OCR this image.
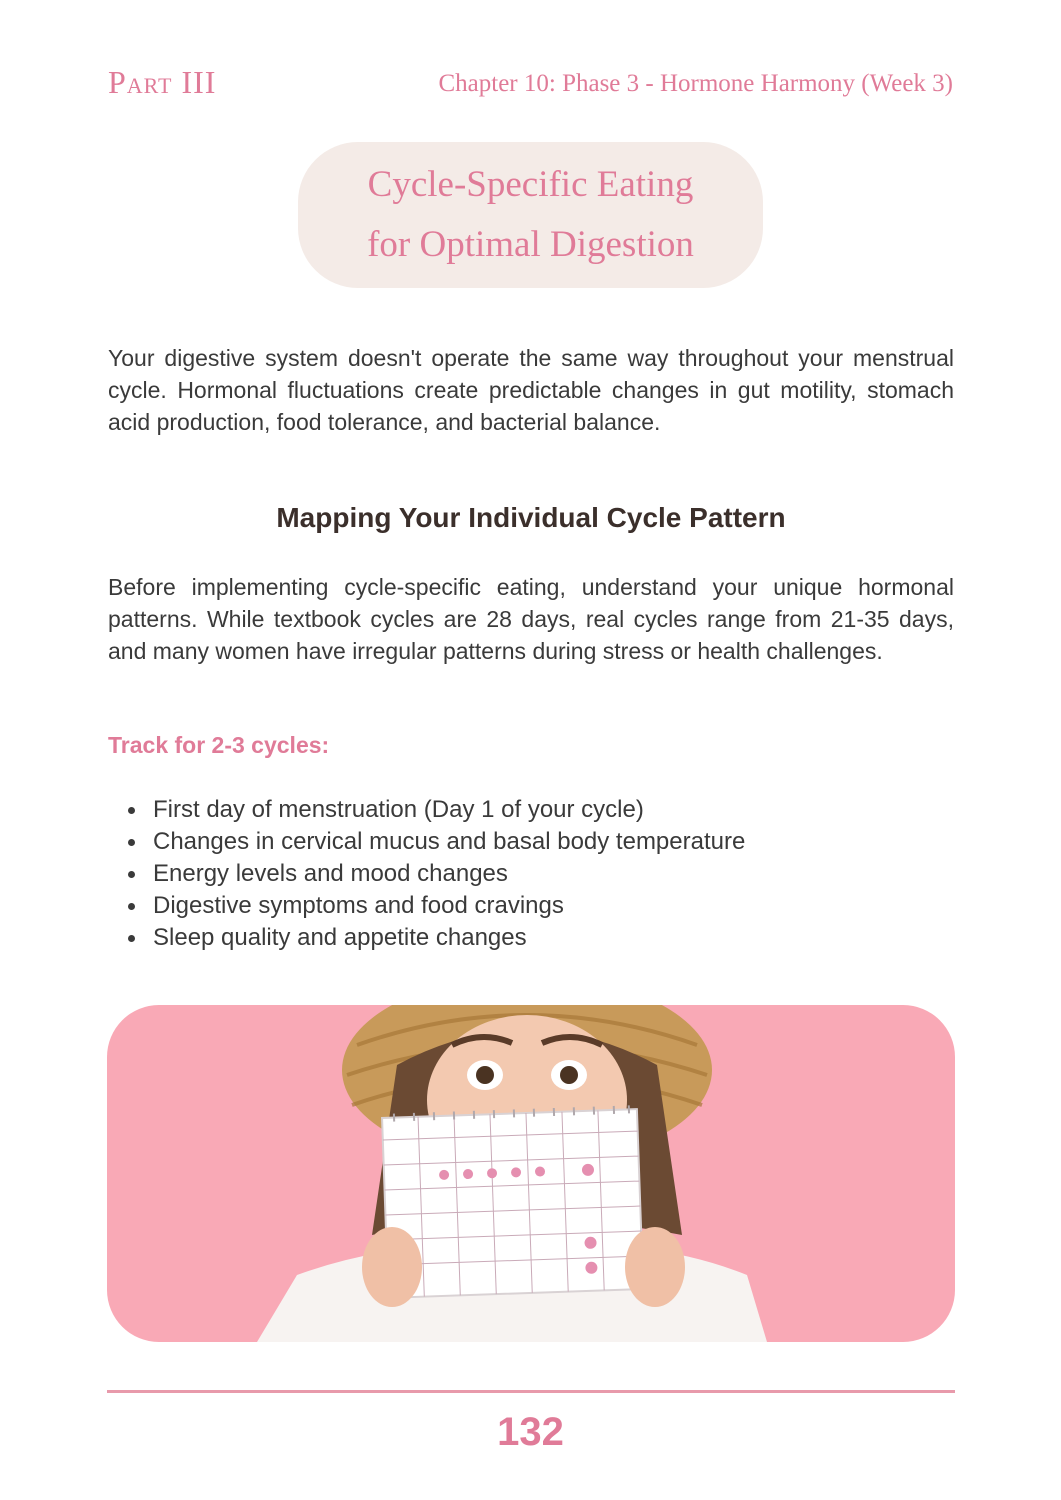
Part III	Chapter 10: Phase 3 - Hormone Harmony (Week 3)
Cycle-Specific Eating
for Optimal Digestion

Your digestive system doesn't operate the same way throughout your menstrual cycle. Hormonal fluctuations create predictable changes in gut motility, stomach acid production, food tolerance, and bacterial balance.

Mapping Your Individual Cycle Pattern

Before implementing cycle-specific eating, understand your unique hormonal patterns. While textbook cycles are 28 days, real cycles range from 21-35 days, and many women have irregular patterns during stress or health challenges.

Track for 2-3 cycles:
First day of menstruation (Day 1 of your cycle)
Changes in cervical mucus and basal body temperature
Energy levels and mood changes
Digestive symptoms and food cravings
Sleep quality and appetite changes
132
